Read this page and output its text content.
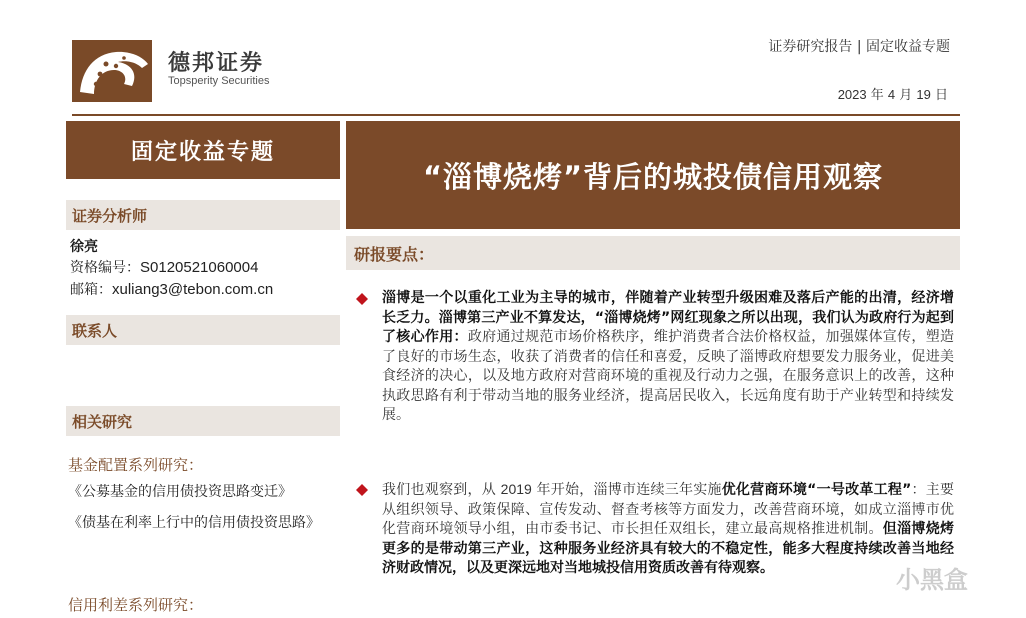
德邦证券
Topsperity Securities
证券研究报告 | 固定收益专题
2023 年 4 月 19 日
固定收益专题
证券分析师
徐亮
资格编号：S0120521060004
邮箱：xuliang3@tebon.com.cn
联系人
相关研究
基金配置系列研究：
《公募基金的信用债投资思路变迁》
《债基在利率上行中的信用债投资思路》
信用利差系列研究：
“淄博烧烤”背后的城投债信用观察
研报要点：
淄博是一个以重化工业为主导的城市，伴随着产业转型升级困难及落后产能的出清，经济增长乏力。淄博第三产业不算发达，“淄博烧烤”网红现象之所以出现，我们认为政府行为起到了核心作用：政府通过规范市场价格秩序，维护消费者合法价格权益，加强媒体宣传，塑造了良好的市场生态，收获了消费者的信任和喜爱，反映了淄博政府想要发力服务业，促进美食经济的决心，以及地方政府对营商环境的重视及行动力之强，在服务意识上的改善，这种执政思路有利于带动当地的服务业经济，提高居民收入，长远角度有助于产业转型和持续发展。
我们也观察到，从 2019 年开始，淄博市连续三年实施优化营商环境“一号改革工程”：主要从组织领导、政策保障、宣传发动、督查考核等方面发力，改善营商环境，如成立淄博市优化营商环境领导小组，由市委书记、市长担任双组长，建立最高规格推进机制。但淄博烧烤更多的是带动第三产业，这种服务业经济具有较大的不稳定性，能多大程度持续改善当地经济财政情况，以及更深远地对当地城投信用资质改善有待观察。	小黑盒
